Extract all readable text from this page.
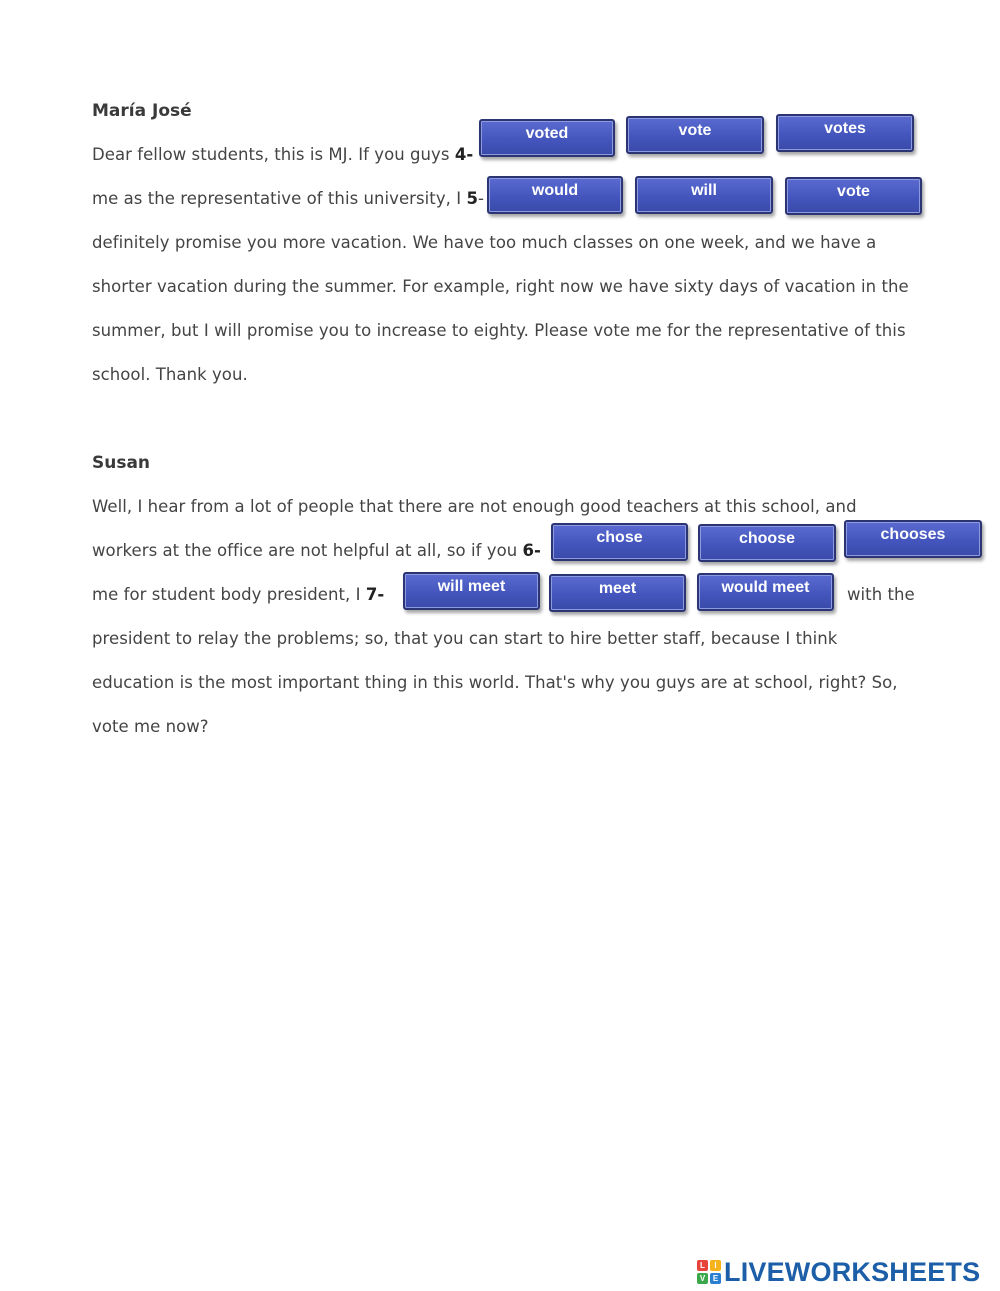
María José
Dear fellow students, this is MJ. If you guys 4-
voted	vote	votes
me as the representative of this university, I 5-	would	will	vote
definitely promise you more vacation. We have too much classes on one week, and we have a
shorter vacation during the summer. For example, right now we have sixty days of vacation in the
summer, but I will promise you to increase to eighty. Please vote me for the representative of this
school. Thank you.
Susan
Well, I hear from a lot of people that there are not enough good teachers at this school, and
workers at the office are not helpful at all, so if you 6-
chose	choose	chooses
me for student body president, I 7-	will meet	meet	would meet	with the
president to relay the problems; so, that you can start to hire better staff, because I think
education is the most important thing in this world. That's why you guys are at school, right? So,
vote me now?
L	I
V E LIVEWORKSHEETS
